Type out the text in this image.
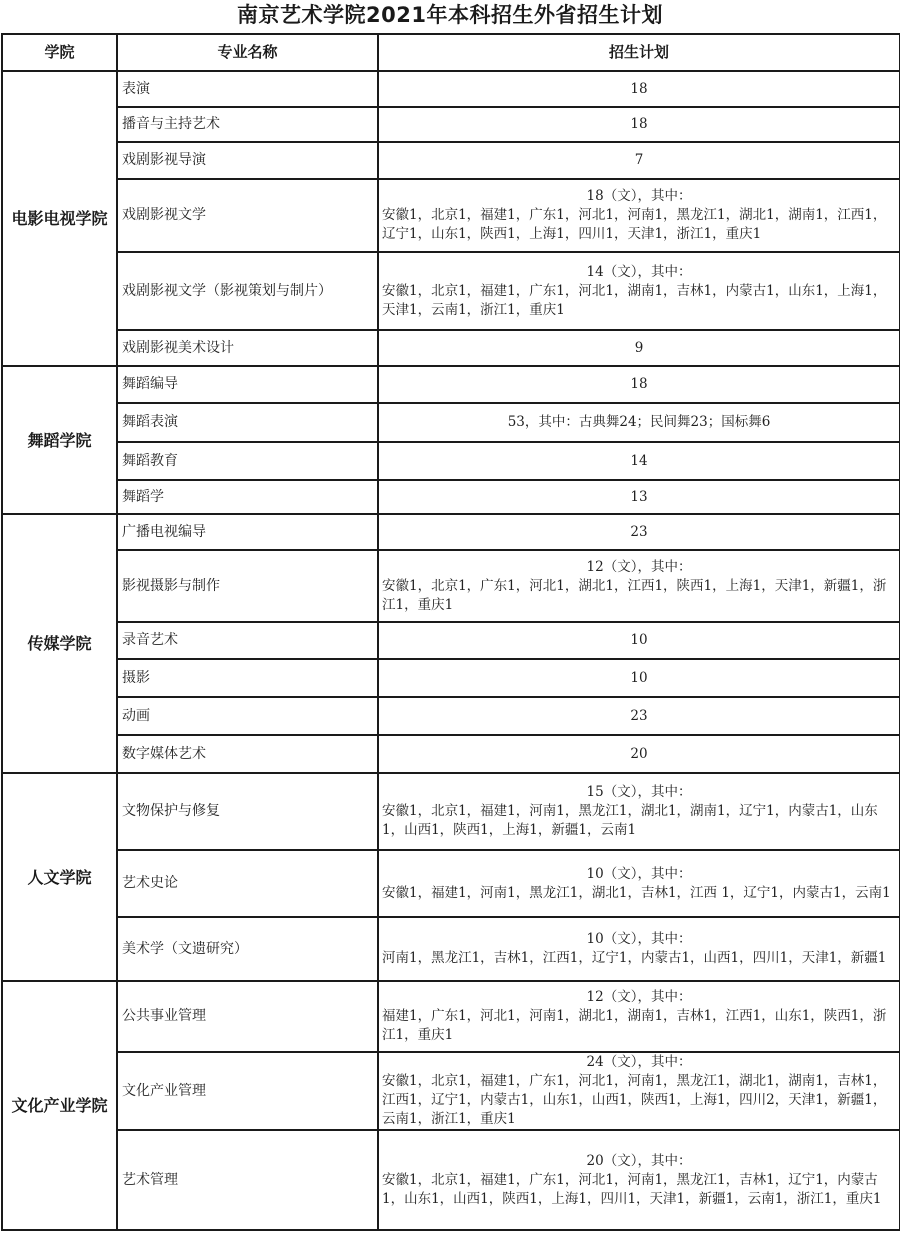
南京艺术学院2021年本科招生外省招生计划
学院	专业名称	招生计划
电影电视学院	表演	18

	播音与主持艺术	18

	戏剧影视导演	7

	戏剧影视文学	18（文），其中：
安徽1，北京1，福建1，广东1，河北1，河南1，黑龙江1，湖北1，湖南1，江西1，辽宁1，山东1，陕西1，上海1，四川1，天津1，浙江1，重庆1

	戏剧影视文学（影视策划与制片）	14（文），其中：
安徽1，北京1，福建1，广东1，河北1，湖南1，吉林1，内蒙古1，山东1，上海1，天津1，云南1，浙江1，重庆1

	戏剧影视美术设计	9

舞蹈学院	舞蹈编导	18

	舞蹈表演	53，其中：古典舞24；民间舞23；国标舞6

	舞蹈教育	14

	舞蹈学	13

传媒学院	广播电视编导	23

	影视摄影与制作	12（文），其中：
安徽1，北京1，广东1，河北1，湖北1，江西1，陕西1，上海1，天津1，新疆1，浙江1，重庆1

	录音艺术	10

	摄影	10

	动画	23

	数字媒体艺术	20

人文学院	文物保护与修复	15（文），其中：
安徽1，北京1，福建1，河南1，黑龙江1，湖北1，湖南1，辽宁1，内蒙古1，山东1，山西1，陕西1，上海1，新疆1，云南1

	艺术史论	10（文），其中：
安徽1，福建1，河南1，黑龙江1，湖北1，吉林1，江西 1，辽宁1，内蒙古1，云南1

	美术学（文遗研究）	10（文），其中：
河南1，黑龙江1，吉林1，江西1，辽宁1，内蒙古1，山西1，四川1，天津1，新疆1

文化产业学院	公共事业管理	12（文），其中：
福建1，广东1，河北1，河南1，湖北1，湖南1，吉林1，江西1，山东1，陕西1，浙江1，重庆1

	文化产业管理	24（文），其中：
安徽1，北京1，福建1，广东1，河北1，河南1，黑龙江1，湖北1，湖南1，吉林1，江西1，辽宁1，内蒙古1，山东1，山西1，陕西1，上海1，四川2，天津1，新疆1，云南1，浙江1，重庆1

	艺术管理	20（文），其中：
安徽1，北京1，福建1，广东1，河北1，河南1，黑龙江1，吉林1，辽宁1，内蒙古1，山东1，山西1，陕西1，上海1，四川1，天津1，新疆1，云南1，浙江1，重庆1
